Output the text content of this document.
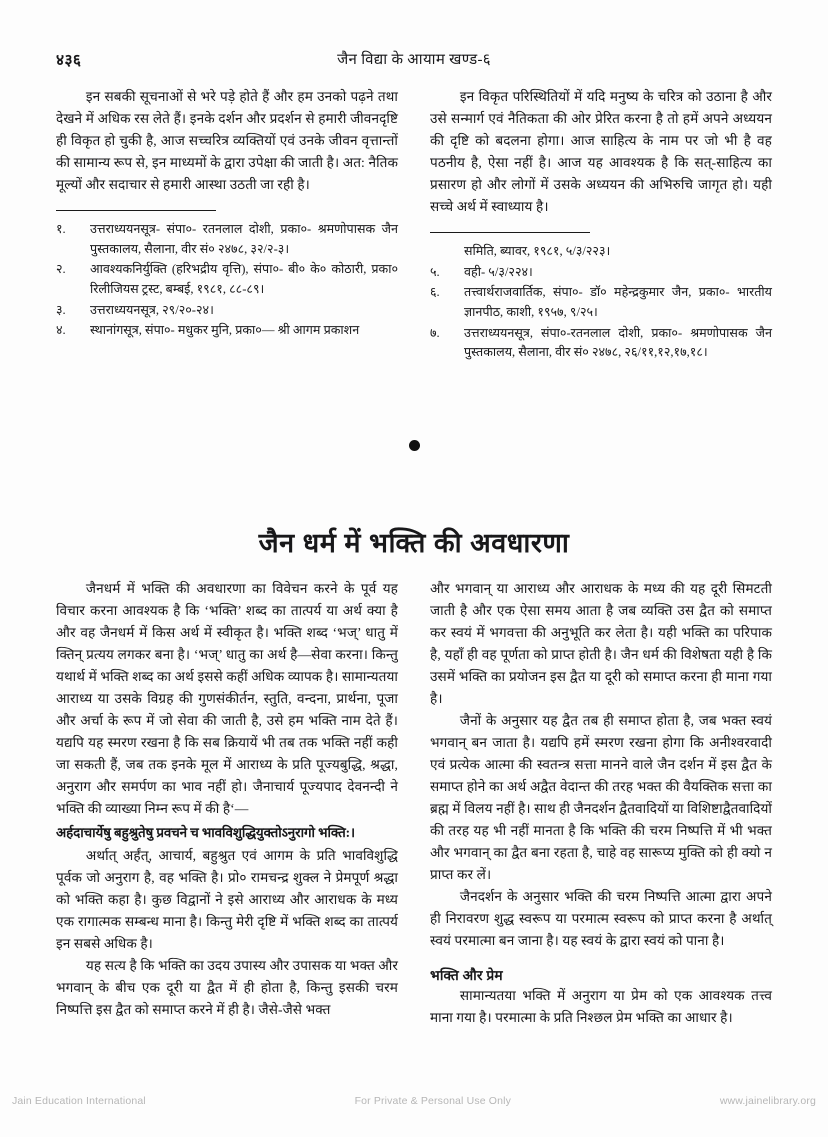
४३६	जैन विद्या के आयाम खण्ड-६

इन सबकी सूचनाओं से भरे पड़े होते हैं और हम उनको पढ़ने तथा देखने में अधिक रस लेते हैं। इनके दर्शन और प्रदर्शन से हमारी जीवनदृष्टि ही विकृत हो चुकी है, आज सच्चरित्र व्यक्तियों एवं उनके जीवन वृत्तान्तों की सामान्य रूप से, इन माध्यमों के द्वारा उपेक्षा की जाती है। अत: नैतिक मूल्यों और सदाचार से हमारी आस्था उठती जा रही है।

१.	उत्तराध्ययनसूत्र- संपा०- रतनलाल दोशी, प्रका०- श्रमणोपासक जैन पुस्तकालय, सैलाना, वीर सं० २४७८, ३२/२-३।
२.	आवश्यकनिर्युक्ति (हरिभद्रीय वृत्ति), संपा०- बी० के० कोठारी, प्रका० रिलीजियस ट्रस्ट, बम्बई, १९८१, ८८-८९।
३.	उत्तराध्ययनसूत्र, २९/२०-२४।
४.	स्थानांगसूत्र, संपा०- मधुकर मुनि, प्रका०— श्री आगम प्रकाशन

इन विकृत परिस्थितियों में यदि मनुष्य के चरित्र को उठाना है और उसे सन्मार्ग एवं नैतिकता की ओर प्रेरित करना है तो हमें अपने अध्ययन की दृष्टि को बदलना होगा। आज साहित्य के नाम पर जो भी है वह पठनीय है, ऐसा नहीं है। आज यह आवश्यक है कि सत्-साहित्य का प्रसारण हो और लोगों में उसके अध्ययन की अभिरुचि जागृत हो। यही सच्चे अर्थ में स्वाध्याय है।

समिति, ब्यावर, १९८१, ५/३/२२३।
५.	वही- ५/३/२२४।
६.	तत्त्वार्थराजवार्तिक, संपा०- डॉ० महेन्द्रकुमार जैन, प्रका०- भारतीय ज्ञानपीठ, काशी, १९५७, ९/२५।
७.	उत्तराध्ययनसूत्र, संपा०-रतनलाल दोशी, प्रका०- श्रमणोपासक जैन पुस्तकालय, सैलाना, वीर सं० २४७८, २६/११,१२,१७,१८।
जैन धर्म में भक्ति की अवधारणा

जैनधर्म में भक्ति की अवधारणा का विवेचन करने के पूर्व यह विचार करना आवश्यक है कि ‘भक्ति’ शब्द का तात्पर्य या अर्थ क्या है और वह जैनधर्म में किस अर्थ में स्वीकृत है। भक्ति शब्द ‘भज्’ धातु में क्तिन् प्रत्यय लगकर बना है। ‘भज्’ धातु का अर्थ है—सेवा करना। किन्तु यथार्थ में भक्ति शब्द का अर्थ इससे कहीं अधिक व्यापक है। सामान्यतया आराध्य या उसके विग्रह की गुणसंकीर्तन, स्तुति, वन्दना, प्रार्थना, पूजा और अर्चा के रूप में जो सेवा की जाती है, उसे हम भक्ति नाम देते हैं। यद्यपि यह स्मरण रखना है कि सब क्रियायें भी तब तक भक्ति नहीं कही जा सकती हैं, जब तक इनके मूल में आराध्य के प्रति पूज्यबुद्धि, श्रद्धा, अनुराग और समर्पण का भाव नहीं हो। जैनाचार्य पूज्यपाद देवनन्दी ने भक्ति की व्याख्या निम्न रूप में की है‘—

अर्हदाचार्येषु बहुश्रुतेषु प्रवचने च भावविशुद्धियुक्तोऽनुरागो भक्ति:।

अर्थात् अर्हंत्, आचार्य, बहुश्रुत एवं आगम के प्रति भावविशुद्धि पूर्वक जो अनुराग है, वह भक्ति है। प्रो० रामचन्द्र शुक्ल ने प्रेमपूर्ण श्रद्धा को भक्ति कहा है। कुछ विद्वानों ने इसे आराध्य और आराधक के मध्य एक रागात्मक सम्बन्ध माना है। किन्तु मेरी दृष्टि में भक्ति शब्द का तात्पर्य इन सबसे अधिक है।

यह सत्य है कि भक्ति का उदय उपास्य और उपासक या भक्त और भगवान् के बीच एक दूरी या द्वैत में ही होता है, किन्तु इसकी चरम निष्पत्ति इस द्वैत को समाप्त करने में ही है। जैसे-जैसे भक्त

और भगवान् या आराध्य और आराधक के मध्य की यह दूरी सिमटती जाती है और एक ऐसा समय आता है जब व्यक्ति उस द्वैत को समाप्त कर स्वयं में भगवत्ता की अनुभूति कर लेता है। यही भक्ति का परिपाक है, यहाँ ही वह पूर्णता को प्राप्त होती है। जैन धर्म की विशेषता यही है कि उसमें भक्ति का प्रयोजन इस द्वैत या दूरी को समाप्त करना ही माना गया है।

जैनों के अनुसार यह द्वैत तब ही समाप्त होता है, जब भक्त स्वयं भगवान् बन जाता है। यद्यपि हमें स्मरण रखना होगा कि अनीश्वरवादी एवं प्रत्येक आत्मा की स्वतन्त्र सत्ता मानने वाले जैन दर्शन में इस द्वैत के समाप्त होने का अर्थ अद्वैत वेदान्त की तरह भक्त की वैयक्तिक सत्ता का ब्रह्म में विलय नहीं है। साथ ही जैनदर्शन द्वैतवादियों या विशिष्टाद्वैतवादियों की तरह यह भी नहीं मानता है कि भक्ति की चरम निष्पत्ति में भी भक्त और भगवान् का द्वैत बना रहता है, चाहे वह सारूप्य मुक्ति को ही क्यो न प्राप्त कर लें।

जैनदर्शन के अनुसार भक्ति की चरम निष्पत्ति आत्मा द्वारा अपने ही निरावरण शुद्ध स्वरूप या परमात्म स्वरूप को प्राप्त करना है अर्थात् स्वयं परमात्मा बन जाना है। यह स्वयं के द्वारा स्वयं को पाना है।

भक्ति और प्रेम

सामान्यतया भक्ति में अनुराग या प्रेम को एक आवश्यक तत्त्व माना गया है। परमात्मा के प्रति निश्छल प्रेम भक्ति का आधार है।

Jain Education International	For Private & Personal Use Only	www.jainelibrary.org
